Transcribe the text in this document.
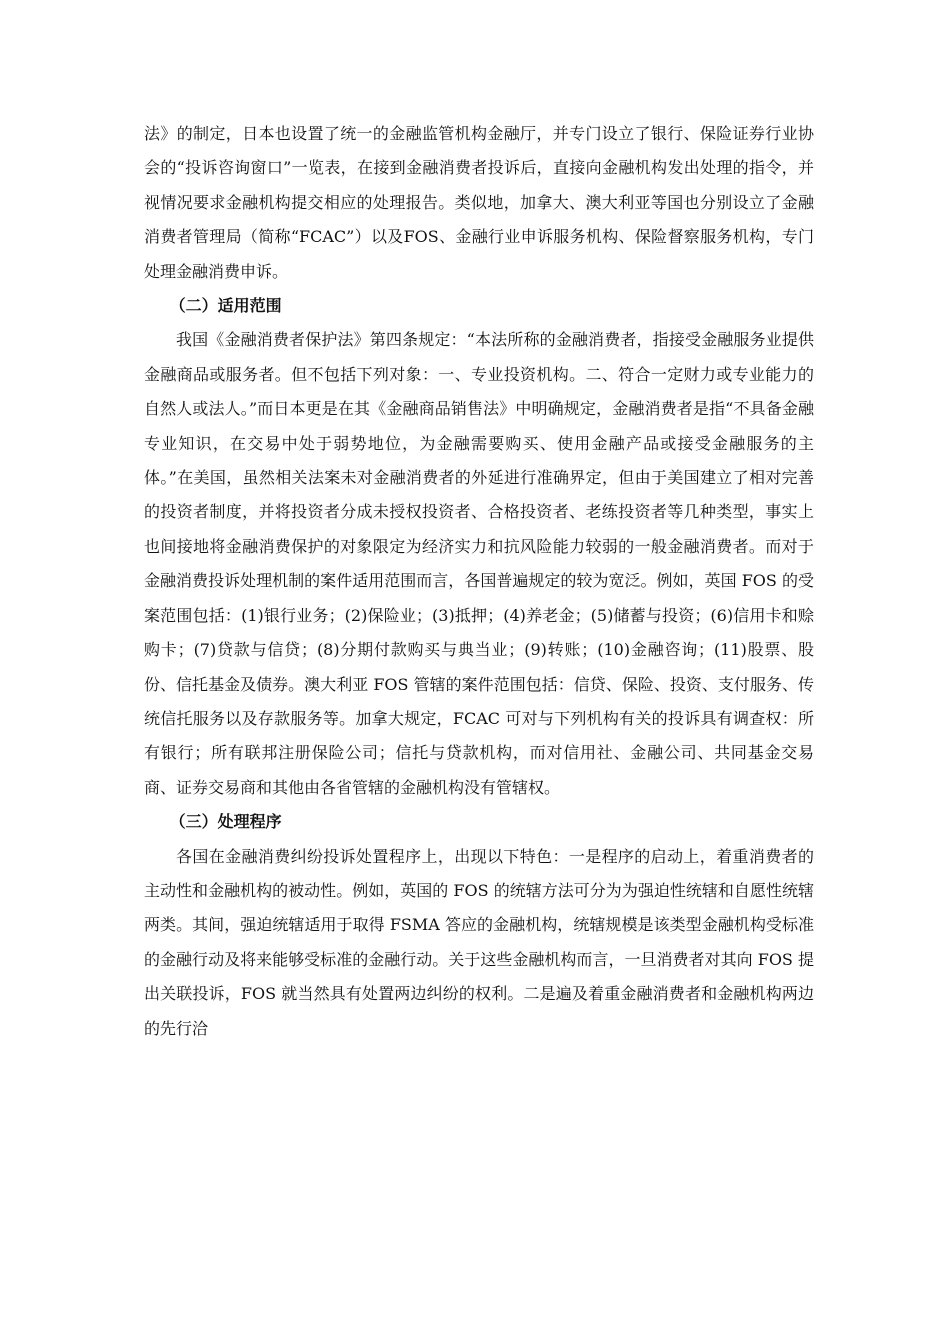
法》的制定，日本也设置了统一的金融监管机构金融厅，并专门设立了银行、保险证券行业协会的“投诉咨询窗口”一览表，在接到金融消费者投诉后，直接向金融机构发出处理的指令，并视情况要求金融机构提交相应的处理报告。类似地，加拿大、澳大利亚等国也分别设立了金融消费者管理局（简称“FCAC”）以及FOS、金融行业申诉服务机构、保险督察服务机构，专门处理金融消费申诉。

（二）适用范围

我国《金融消费者保护法》第四条规定：“本法所称的金融消费者，指接受金融服务业提供金融商品或服务者。但不包括下列对象：一、专业投资机构。二、符合一定财力或专业能力的自然人或法人。”而日本更是在其《金融商品销售法》中明确规定，金融消费者是指“不具备金融专业知识，在交易中处于弱势地位，为金融需要购买、使用金融产品或接受金融服务的主体。”在美国，虽然相关法案未对金融消费者的外延进行准确界定，但由于美国建立了相对完善的投资者制度，并将投资者分成未授权投资者、合格投资者、老练投资者等几种类型，事实上也间接地将金融消费保护的对象限定为经济实力和抗风险能力较弱的一般金融消费者。而对于金融消费投诉处理机制的案件适用范围而言，各国普遍规定的较为宽泛。例如，英国 FOS 的受案范围包括：(1)银行业务；(2)保险业；(3)抵押；(4)养老金；(5)储蓄与投资；(6)信用卡和赊购卡；(7)贷款与信贷；(8)分期付款购买与典当业；(9)转账；(10)金融咨询；(11)股票、股份、信托基金及债券。澳大利亚 FOS 管辖的案件范围包括：信贷、保险、投资、支付服务、传统信托服务以及存款服务等。加拿大规定，FCAC 可对与下列机构有关的投诉具有调查权：所有银行；所有联邦注册保险公司；信托与贷款机构，而对信用社、金融公司、共同基金交易商、证券交易商和其他由各省管辖的金融机构没有管辖权。

（三）处理程序

各国在金融消费纠纷投诉处置程序上，出现以下特色：一是程序的启动上，着重消费者的主动性和金融机构的被动性。例如，英国的 FOS 的统辖方法可分为为强迫性统辖和自愿性统辖两类。其间，强迫统辖适用于取得 FSMA 答应的金融机构，统辖规模是该类型金融机构受标准的金融行动及将来能够受标准的金融行动。关于这些金融机构而言，一旦消费者对其向 FOS 提出关联投诉，FOS 就当然具有处置两边纠纷的权利。二是遍及着重金融消费者和金融机构两边的先行洽
